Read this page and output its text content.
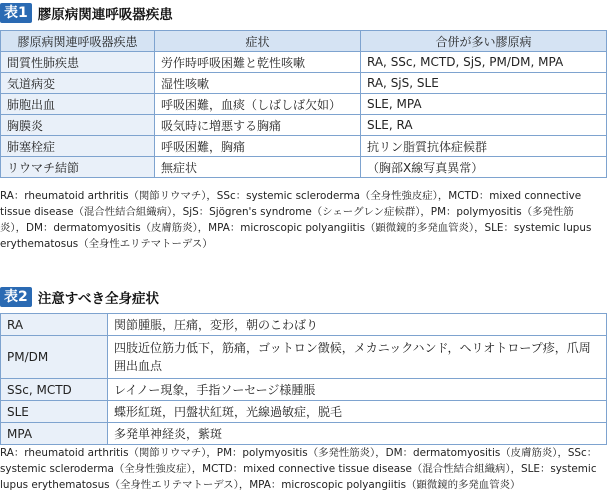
表1 膠原病関連呼吸器疾患
膠原病関連呼吸器疾患	症状	合併が多い膠原病
間質性肺疾患	労作時呼吸困難と乾性咳嗽	RA, SSc, MCTD, SjS, PM/DM, MPA
気道病変	湿性咳嗽	RA, SjS, SLE
肺胞出血	呼吸困難，血痰（しばしば欠如）	SLE, MPA
胸膜炎	吸気時に増悪する胸痛	SLE, RA
肺塞栓症	呼吸困難，胸痛	抗リン脂質抗体症候群
リウマチ結節	無症状	（胸部X線写真異常）
RA：rheumatoid arthritis（関節リウマチ），SSc：systemic scleroderma（全身性強皮症），MCTD：mixed connective
tissue disease（混合性結合組織病），SjS：Sjögren's syndrome（シェーグレン症候群），PM：polymyositis（多発性筋
炎），DM：dermatomyositis（皮膚筋炎），MPA：microscopic polyangiitis（顕微鏡的多発血管炎），SLE：systemic lupus
erythematosus（全身性エリテマトーデス）
表2 注意すべき全身症状
RA	関節腫脹，圧痛，変形，朝のこわばり
PM/DM	四肢近位筋力低下，筋痛，ゴットロン徴候，メカニックハンド，ヘリオトロープ疹，爪周囲出血点
SSc, MCTD	レイノー現象，手指ソーセージ様腫脹
SLE	蝶形紅斑，円盤状紅斑，光線過敏症，脱毛
MPA	多発単神経炎，紫斑
RA：rheumatoid arthritis（関節リウマチ），PM：polymyositis（多発性筋炎），DM：dermatomyositis（皮膚筋炎），SSc：
systemic scleroderma（全身性強皮症），MCTD：mixed connective tissue disease（混合性結合組織病），SLE：systemic
lupus erythematosus（全身性エリテマトーデス），MPA：microscopic polyangiitis（顕微鏡的多発血管炎）
